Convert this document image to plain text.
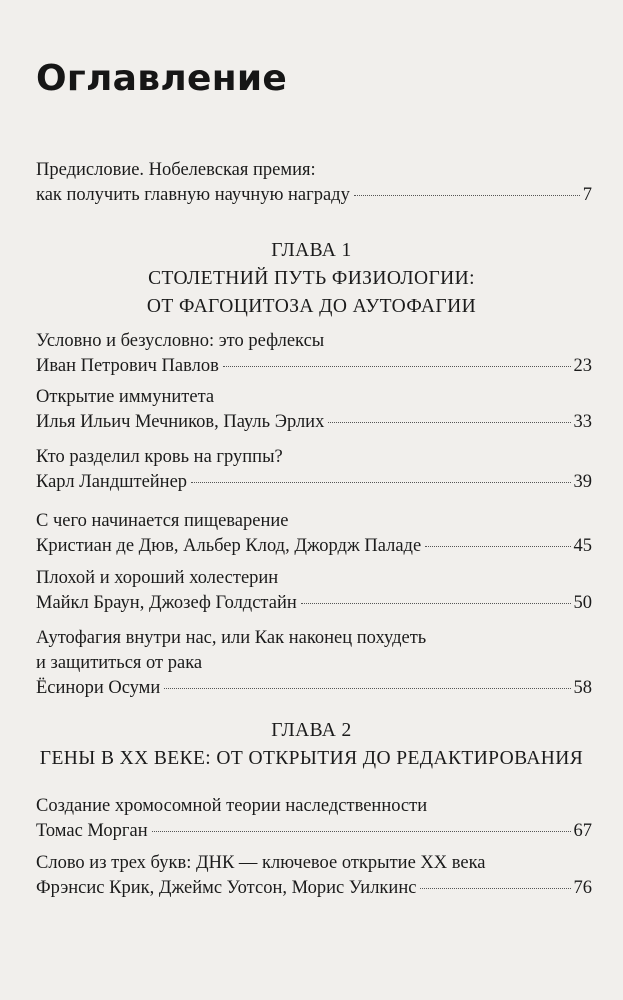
Оглавление
Предисловие. Нобелевская премия:
как получить главную научную награду	7
ГЛАВА 1
СТОЛЕТНИЙ ПУТЬ ФИЗИОЛОГИИ:
ОТ ФАГОЦИТОЗА ДО АУТОФАГИИ
Условно и безусловно: это рефлексы
Иван Петрович Павлов	23
Открытие иммунитета
Илья Ильич Мечников, Пауль Эрлих	33
Кто разделил кровь на группы?
Карл Ландштейнер	39
С чего начинается пищеварение
Кристиан де Дюв, Альбер Клод, Джордж Паладе	45
Плохой и хороший холестерин
Майкл Браун, Джозеф Голдстайн	50
Аутофагия внутри нас, или Как наконец похудеть
и защититься от рака
Ёсинори Осуми	58
ГЛАВА 2
ГЕНЫ В XX ВЕКЕ: ОТ ОТКРЫТИЯ ДО РЕДАКТИРОВАНИЯ
Создание хромосомной теории наследственности
Томас Морган	67
Слово из трех букв: ДНК — ключевое открытие XX века
Фрэнсис Крик, Джеймс Уотсон, Морис Уилкинс	76
